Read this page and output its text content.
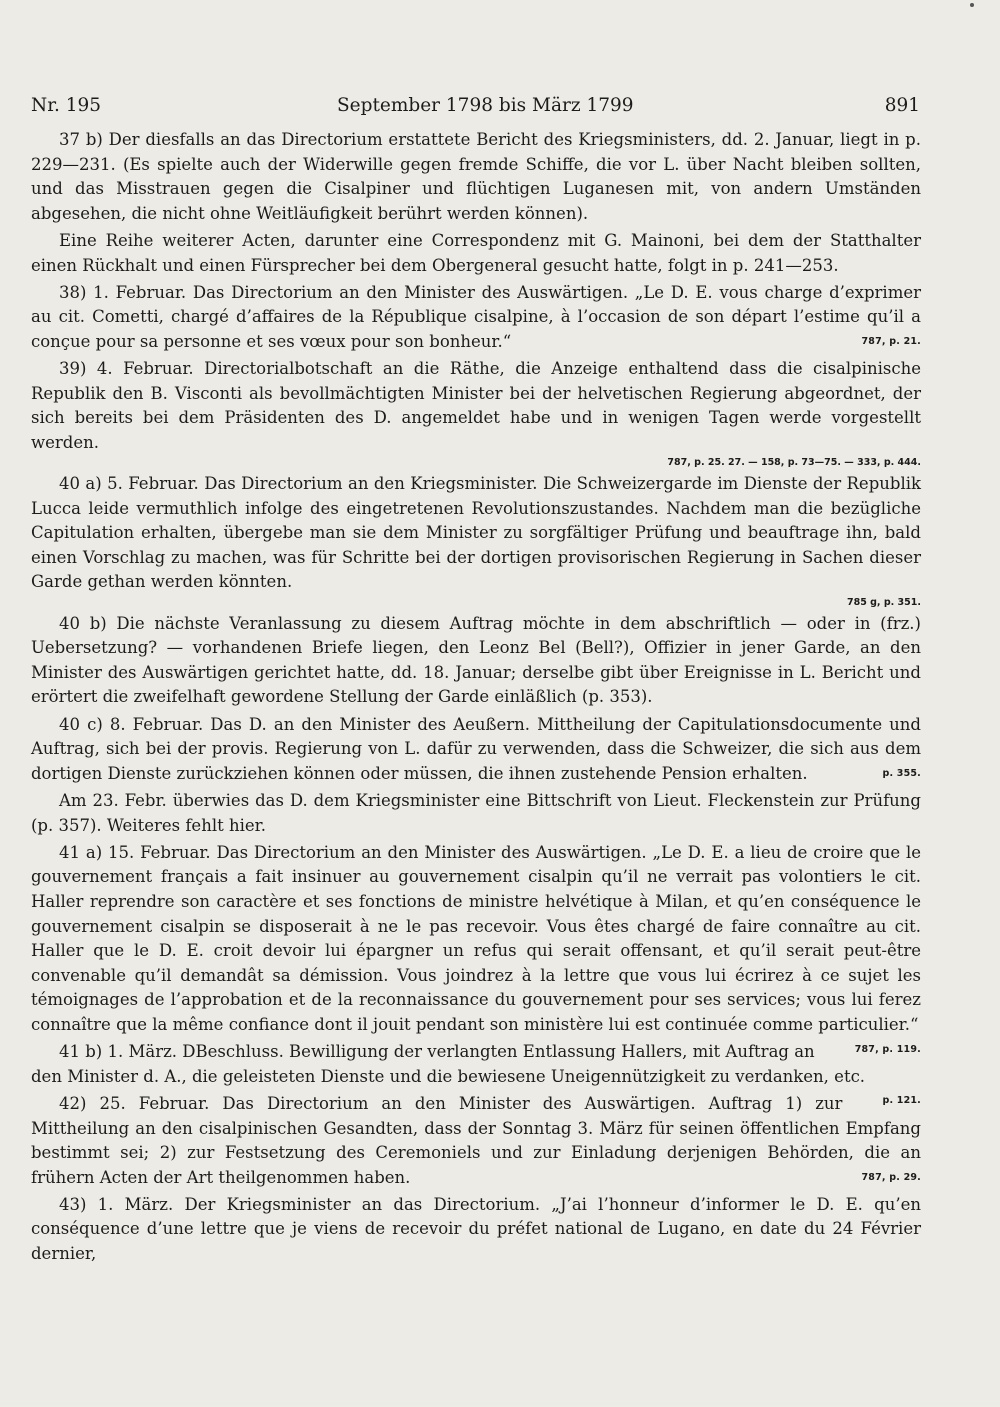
Nr. 195	September 1798 bis März 1799	891

37 b) Der diesfalls an das Directorium erstattete Bericht des Kriegsministers, dd. 2. Januar, liegt in p. 229—231. (Es spielte auch der Widerwille gegen fremde Schiffe, die vor L. über Nacht bleiben sollten, und das Misstrauen gegen die Cisalpiner und flüchtigen Luganesen mit, von andern Umständen abgesehen, die nicht ohne Weitläufigkeit berührt werden können).

Eine Reihe weiterer Acten, darunter eine Correspondenz mit G. Mainoni, bei dem der Statthalter einen Rückhalt und einen Fürsprecher bei dem Obergeneral gesucht hatte, folgt in p. 241—253.

38) 1. Februar. Das Directorium an den Minister des Auswärtigen. „Le D. E. vous charge d’exprimer au cit. Cometti, chargé d’affaires de la République cisalpine, à l’occasion de son départ l’estime qu’il a conçue pour sa personne et ses vœux pour son bonheur.“	787, p. 21.

39) 4. Februar. Directorialbotschaft an die Räthe, die Anzeige enthaltend dass die cisalpinische Republik den B. Visconti als bevollmächtigten Minister bei der helvetischen Regierung abgeordnet, der sich bereits bei dem Präsidenten des D. angemeldet habe und in wenigen Tagen werde vorgestellt werden.

787, p. 25. 27. — 158, p. 73—75. — 333, p. 444.

40 a) 5. Februar. Das Directorium an den Kriegsminister. Die Schweizergarde im Dienste der Republik Lucca leide vermuthlich infolge des eingetretenen Revolutionszustandes. Nachdem man die bezügliche Capitulation erhalten, übergebe man sie dem Minister zu sorgfältiger Prüfung und beauftrage ihn, bald einen Vorschlag zu machen, was für Schritte bei der dortigen provisorischen Regierung in Sachen dieser Garde gethan werden könnten.

785 g, p. 351.

40 b) Die nächste Veranlassung zu diesem Auftrag möchte in dem abschriftlich — oder in (frz.) Uebersetzung? — vorhandenen Briefe liegen, den Leonz Bel (Bell?), Offizier in jener Garde, an den Minister des Auswärtigen gerichtet hatte, dd. 18. Januar; derselbe gibt über Ereignisse in L. Bericht und erörtert die zweifelhaft gewordene Stellung der Garde einläßlich (p. 353).

40 c) 8. Februar. Das D. an den Minister des Aeußern. Mittheilung der Capitulationsdocumente und Auftrag, sich bei der provis. Regierung von L. dafür zu verwenden, dass die Schweizer, die sich aus dem dortigen Dienste zurückziehen können oder müssen, die ihnen zustehende Pension erhalten.	p. 355.

Am 23. Febr. überwies das D. dem Kriegsminister eine Bittschrift von Lieut. Fleckenstein zur Prüfung (p. 357). Weiteres fehlt hier.

41 a) 15. Februar. Das Directorium an den Minister des Auswärtigen. „Le D. E. a lieu de croire que le gouvernement français a fait insinuer au gouvernement cisalpin qu’il ne verrait pas volontiers le cit. Haller reprendre son caractère et ses fonctions de ministre helvétique à Milan, et qu’en conséquence le gouvernement cisalpin se disposerait à ne le pas recevoir. Vous êtes chargé de faire connaître au cit. Haller que le D. E. croit devoir lui épargner un refus qui serait offensant, et qu’il serait peut-être convenable qu’il demandât sa démission. Vous joindrez à la lettre que vous lui écrirez à ce sujet les témoignages de l’approbation et de la reconnaissance du gouvernement pour ses services; vous lui ferez connaître que la même confiance dont il jouit pendant son ministère lui est continuée comme particulier.“
787, p. 119.

41 b) 1. März. DBeschluss. Bewilligung der verlangten Entlassung Hallers, mit Auftrag an den Minister d. A., die geleisteten Dienste und die bewiesene Uneigennützigkeit zu verdanken, etc.
p. 121.

42) 25. Februar. Das Directorium an den Minister des Auswärtigen. Auftrag 1) zur Mittheilung an den cisalpinischen Gesandten, dass der Sonntag 3. März für seinen öffentlichen Empfang bestimmt sei; 2) zur Festsetzung des Ceremoniels und zur Einladung derjenigen Behörden, die an frühern Acten der Art theilgenommen haben.	787, p. 29.

43) 1. März. Der Kriegsminister an das Directorium. „J’ai l’honneur d’informer le D. E. qu’en conséquence d’une lettre que je viens de recevoir du préfet national de Lugano, en date du 24 Février dernier,
